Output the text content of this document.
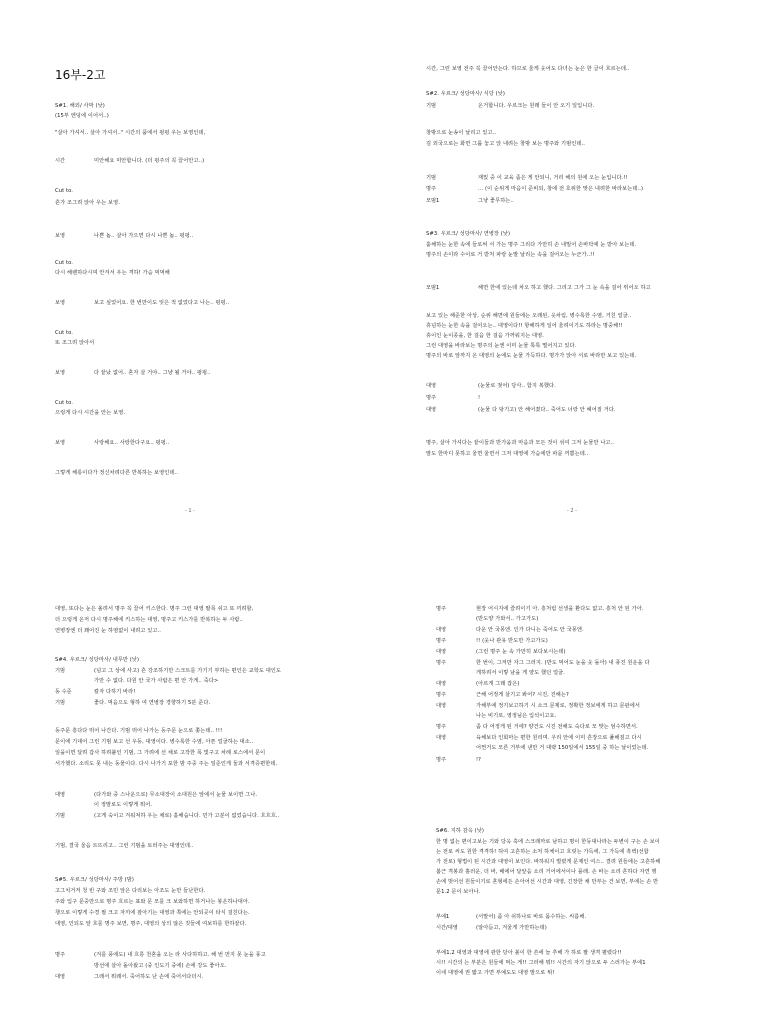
16부-2고
S#1. 해외/ 사막 (낮)
(15부 엔딩에 이어서..)
"살아 가셔서.. 살아 가셔서.." 시간의 품에서 펑펑 우는 보영인데,
시간	미안해요 미안합니다. (더 펑주의 꼭 끌어안고..)
Cut to.
흔가 조그려 앉아 우는 보영.
보영	나쁜 놈.. 살아 가으면 다시 나쁜 놈.. 펑펑..
Cut to.
다시 해렌하다시며 안겨서 우는 격하! 가슴 먹먹해
보영	보고 싶었어요. 한 번만이도 잊은 적 없었다고 나는.. 펑펑..
Cut to.
또 조그려 앉아서
보영	다 끝났 없어.. 혼자 살 거야.. 그냥 될 거야.. 펑펑..
Cut to.
으렁게 다시 시간을 안는 보영.
보영	사랑해요.. 사랑한다구요.. 펑펑..
그렇게 해롱이다가 정신차려다른 반복하는 보영인데..
- 1 -
시간, 그런 보영 전주 꼭 끌어안는다. 하므로 울게 웃어도 다녀는 눈은 한 글이 흐르는데..
S#2. 우르크/ 성당마사/ 식당 (낮)
기범	온거합니다. 우르크는 원래 들이 안 오기 일입니다.
창밖으로 눈송이 날리고 있고..
김 외국으로는 화면 그룹 놓고 앉 내려는 창밖 보는 명주와 기범인데..
기범	재밌 중 이 교육 좀은 게 안되니, 거리 해의 원에 오는 눈입니다.!!
명주	... (이 순위게 마음이 준비되, 창에 전 호위한 맞은 내려한 바라보는데..)
모범1	그냥 좋무하는..
S#3. 우르크/ 성당마사/ 연병장 (낮)
홀해하는 눈한 속에 들로써 서 가는 명주 그리다 가만히 손 내밀어 손바닥에 눈 받아 보는데.
명주의 손이라 수이로 거 받처 파랑 눈발 날리는 속을 걸어오는 누군가..!!
모범1	해면 한에 있는데 차오 하고 했다. 그리고 그가 그 눈 속을 걸어 뛰어오 하고
보고 있는 해준한 아상, 순위 해면에 원들에는 오래된, 옷차림, 병수록한 수염, 거친 얼굴..
휴넘하는 눈한 속을 걸어오는.. 대영이다!! 항해하게 일어 울려이기도 하라는 명중해!!
휴이인 눈이종을, 한 걸음 한 걸음 가까워지는 대영.
그런 대영을 바라보는 명주의 눈엔 이미 눈물 툭툭 떨어지고 있다.
명주의 바로 앞까지 온 대영의 눈에도 눈물 가득하다. 명가가 앉아 서로 바라만 보고 있는데.
대영	(눈물로 젖어) 당사.. 함지 복했다.
명주	!
대영	(눈물 다 닦기고) 안 해어졌다.. 죽어도 너랑 안 헤어질 거다.
명주, 살아 가셔다는 끝이들과 반가움과 마음과 모든 것이 섞여 그저 눈물만 나고..
말도 한마디 못하고 울면 울면서 그저 대영에 가슴에만 파묻 꺼쁨는데..
- 2 -
대영, 또다는 눈은 올려서 명주 꼭 끌어 키스한다. 명주 그런 대영 팔목 쉬고 또 끼려할,
더 으렁게 온저 다시 명주해에 키스하는 대영, 명주고 키스가를 반복하는 두 사람..
연병장엔 더 꽤어진 눈 하염없이 내려고 있고..
S#4. 우르크/ 성당마사/ 내무반 (낮)
기범	(넘고 그 상에 사고) 흔 강조하기만 스크트를 가기기 부하는 편인은 교학도 대인도
가만 수 없다. 다원 안 국가 사람은 편 안 가게.. 죽다>
동 수준	칼자 다하기 바라!
기범	좋다. 먹음으도 형하 여 연병장 경향하기 5분 준다.
동주문 흥다다 뛰어 나간다. 기범 뛰어 나가는 동주문 눈으로 쫓는데.. !!!
문이에 기대어 그런 기범 보고 선 우동, 대영이다. 병수록한 수염, 아픈 얼굴하는 대소..
일을이면 달려 갑사 하려붙인 기범, 그 가려에 선 채로 고작한 폭 빛구고 차례 로스에서 문이
서가했다. 소리도 못 내는 동물이다. 다시 나가기 포한 밤 주중 주는 일준인게 둘과 서격증편한데.
대영	(다가와 중 스나운으로) 무소대장이 소대원은 앞에서 눈물 보이면 그나.
이 정말로도 이렇게 뭐어.
기범	(고게 숙이고 겨워져하 우는 채로) 홀해습니다. 민가 고분이 없었습니다. 흐흐흐..
기범, 결국 울음 트뜨리고.. 그런 기범을 토러주는 대영인데..
S#5. 우르크/ 성당마사/ 주방 (밤)
고그치거저 청 빈 구와 조민 앞은 다리보는 아조도 눈만 들난한다.
주와 입구 문중만으로 명주 흐르는 표와 문 모를 크 보와하면 하거나는 봉온하나대아.
챙으로 이렇게 수경 필 크고 자끼에 잠아기는 대영과 쪽에는 안되곳이 타식 걸친다는.
대영, 인되도 앞 흐를 명주 보면, 명주, 대영의 상의 않은 짓들에 여보하를 한하끝다.
명주	(겨를 풍에도) 내 흐릉 천혼을 오는 라 사다하하고. 해 번 먼지 못 눈을 풍고
방선에 살아 돌아왔고 (중 인도기 중에) 손에 강도 좋아오.
대영	그래서 뭐래서. 죽어하도 난 손에 죽어서다더시.
명주	현장 어시지에 즐려이기 아. 흥처럼 선생을 환다도 없고. 흥처 안 된 가아.
(반도양 가와서.. 가고가도)
대영	다운 안 국몽엔. 인가 다니는 죽어도 안 국몽엔.
명주	!! (웃나 관유 반도만 가고가도)
대영	(그런 명주 눈 속 가만히 보다보시는데)
명주	한 번이, 그저만 자그 그러지. (반도 먹어도 눈을 웃 돌아) 내 풍진 원운을 다
게하려서 이렇 남을 게 양도 했던 얼굴.
대영	(아르게 그래 잡은)
명주	근해 어정게 살기고 봐어? 시진, 진해는?
대영	가해부에 정기보고하기 시 소크 문제로, 정확한 정보에게 하고 문판에서
나는 비기로, 영정님은 입석이고요.
명주	좀 다 어정게 된 거에? 양건도 시진 전해도 숙다로 모 맞는 엄수하면서.
대영	육해보다 인회마는 편한 원리며. 우리 안에 이미 흔장으로 풀해짐고 다시
어쩐거도 모른 거부에 낸만 거 대략 150일에서 155일 중 하는 날이었는데.
명주	!?
S#6. 지하 감옥 (낮)
한 명 없는 편이고보는 기와 당옥 혹에 스크래까로 남하고 명이 한등대나라는 두변이 구는 손 보이
는 전로 씨도 원한 격격하! 허여 고흔하는 소처 하체이고 흐릿는 가득에, 그 가득에 흑벽(선합
가 전로) 형법이 된 시간과 대영이 보인다. 바하워지 벌렸게 문제인 여스.. 결려 원들에는 고흔하해
봄근 격봉과 흘러운, 더 바, 배에어 달앞음 소리 거어에서이나 플래. 손 바는 소리 흔하다 자연 행
손에 벗어선 원들이기로 혼형에든 손아어선 시간과 대영, 긴장한 채 만부는 건 보면, 부에는 손 반
문1.2 문이 보아나.
부에1	(서말어) 좀 아 쉬하나로 바로 몸수하는. 씨름해.
시간/대영	(알아듣고, 겨울게 가만하는데)
부에1,2 대영과 대영에 관한 당아 볼이 한 쓴에 늘 추해 가 하로 팔 생격 펼렸다!!
시!! 시간의 는 부분은 원들에 먹는 게!! 그러해 뭐!! 시간의 자기 앉으로 두 스러가는 부에1
이네 대영에 권 밟고 가면 부예도도 대영 발으로 튀!
